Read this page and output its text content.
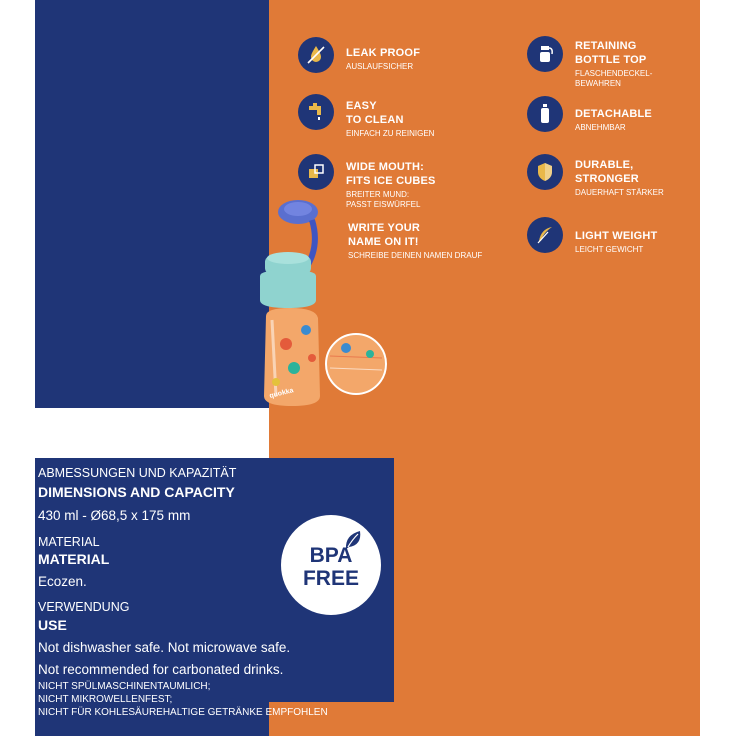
LEAK PROOF
AUSLAUFSICHER
EASY
TO CLEAN
EINFACH ZU REINIGEN
WIDE MOUTH:
FITS ICE CUBES
BREITER MUND:
PASST EISWÜRFEL
WRITE YOUR
NAME ON IT!
SCHREIBE DEINEN NAMEN DRAUF
RETAINING
BOTTLE TOP
FLASCHENDECKEL-
BEWAHREN
DETACHABLE
ABNEHMBAR
DURABLE,
STRONGER
DAUERHAFT STÄRKER
LIGHT WEIGHT
LEICHT GEWICHT
quokka
ABMESSUNGEN UND KAPAZITÄT
DIMENSIONS AND CAPACITY
430 ml - Ø68,5 x 175 mm
MATERIAL
MATERIAL
Ecozen.
VERWENDUNG
USE
Not dishwasher safe. Not microwave safe.
Not recommended for carbonated drinks.
NICHT SPÜLMASCHINENTAUMLICH;
NICHT MIKROWELLENFEST;
NICHT FÜR KOHLESÄUREHALTIGE GETRÄNKE EMPFOHLEN
BPA
FREE
